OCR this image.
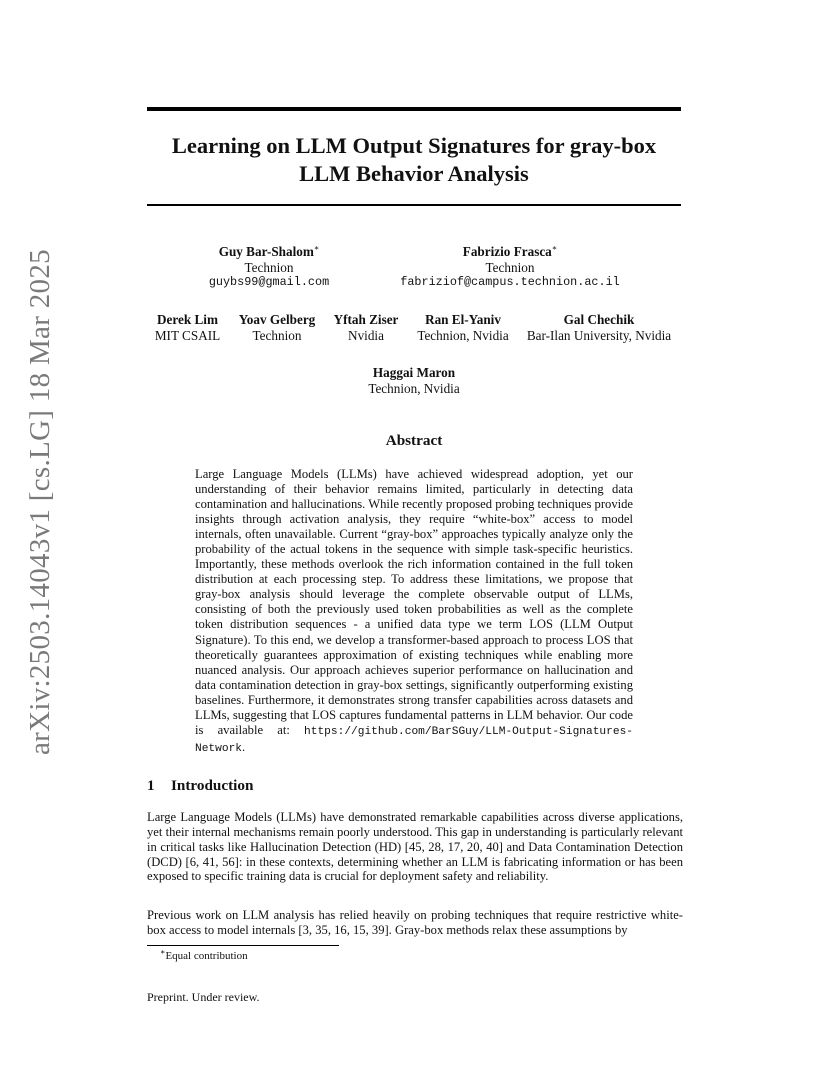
arXiv:2503.14043v1 [cs.LG] 18 Mar 2025
Learning on LLM Output Signatures for gray-box
LLM Behavior Analysis
Guy Bar-Shalom∗
Technion
guybs99@gmail.com
Fabrizio Frasca∗
Technion
fabriziof@campus.technion.ac.il
Derek Lim
MIT CSAIL
Yoav Gelberg
Technion
Yftah Ziser
Nvidia
Ran El-Yaniv
Technion, Nvidia
Gal Chechik
Bar-Ilan University, Nvidia
Haggai Maron
Technion, Nvidia
Abstract
Large Language Models (LLMs) have achieved widespread adoption, yet our understanding of their behavior remains limited, particularly in detecting data contamination and hallucinations. While recently proposed probing techniques provide insights through activation analysis, they require “white-box” access to model internals, often unavailable. Current “gray-box” approaches typically analyze only the probability of the actual tokens in the sequence with simple task-specific heuristics. Importantly, these methods overlook the rich information contained in the full token distribution at each processing step. To address these limitations, we propose that gray-box analysis should leverage the complete observable output of LLMs, consisting of both the previously used token probabilities as well as the complete token distribution sequences - a unified data type we term LOS (LLM Output Signature). To this end, we develop a transformer-based approach to process LOS that theoretically guarantees approximation of existing techniques while enabling more nuanced analysis. Our approach achieves superior performance on hallucination and data contamination detection in gray-box settings, significantly outperforming existing baselines. Furthermore, it demonstrates strong transfer capabilities across datasets and LLMs, suggesting that LOS captures fundamental patterns in LLM behavior. Our code is available at: https://github.com/BarSGuy/LLM-Output-Signatures-Network.
1 Introduction
Large Language Models (LLMs) have demonstrated remarkable capabilities across diverse applications, yet their internal mechanisms remain poorly understood. This gap in understanding is particularly relevant in critical tasks like Hallucination Detection (HD) [45, 28, 17, 20, 40] and Data Contamination Detection (DCD) [6, 41, 56]: in these contexts, determining whether an LLM is fabricating information or has been exposed to specific training data is crucial for deployment safety and reliability.
Previous work on LLM analysis has relied heavily on probing techniques that require restrictive white-box access to model internals [3, 35, 16, 15, 39]. Gray-box methods relax these assumptions by
∗Equal contribution
Preprint. Under review.
